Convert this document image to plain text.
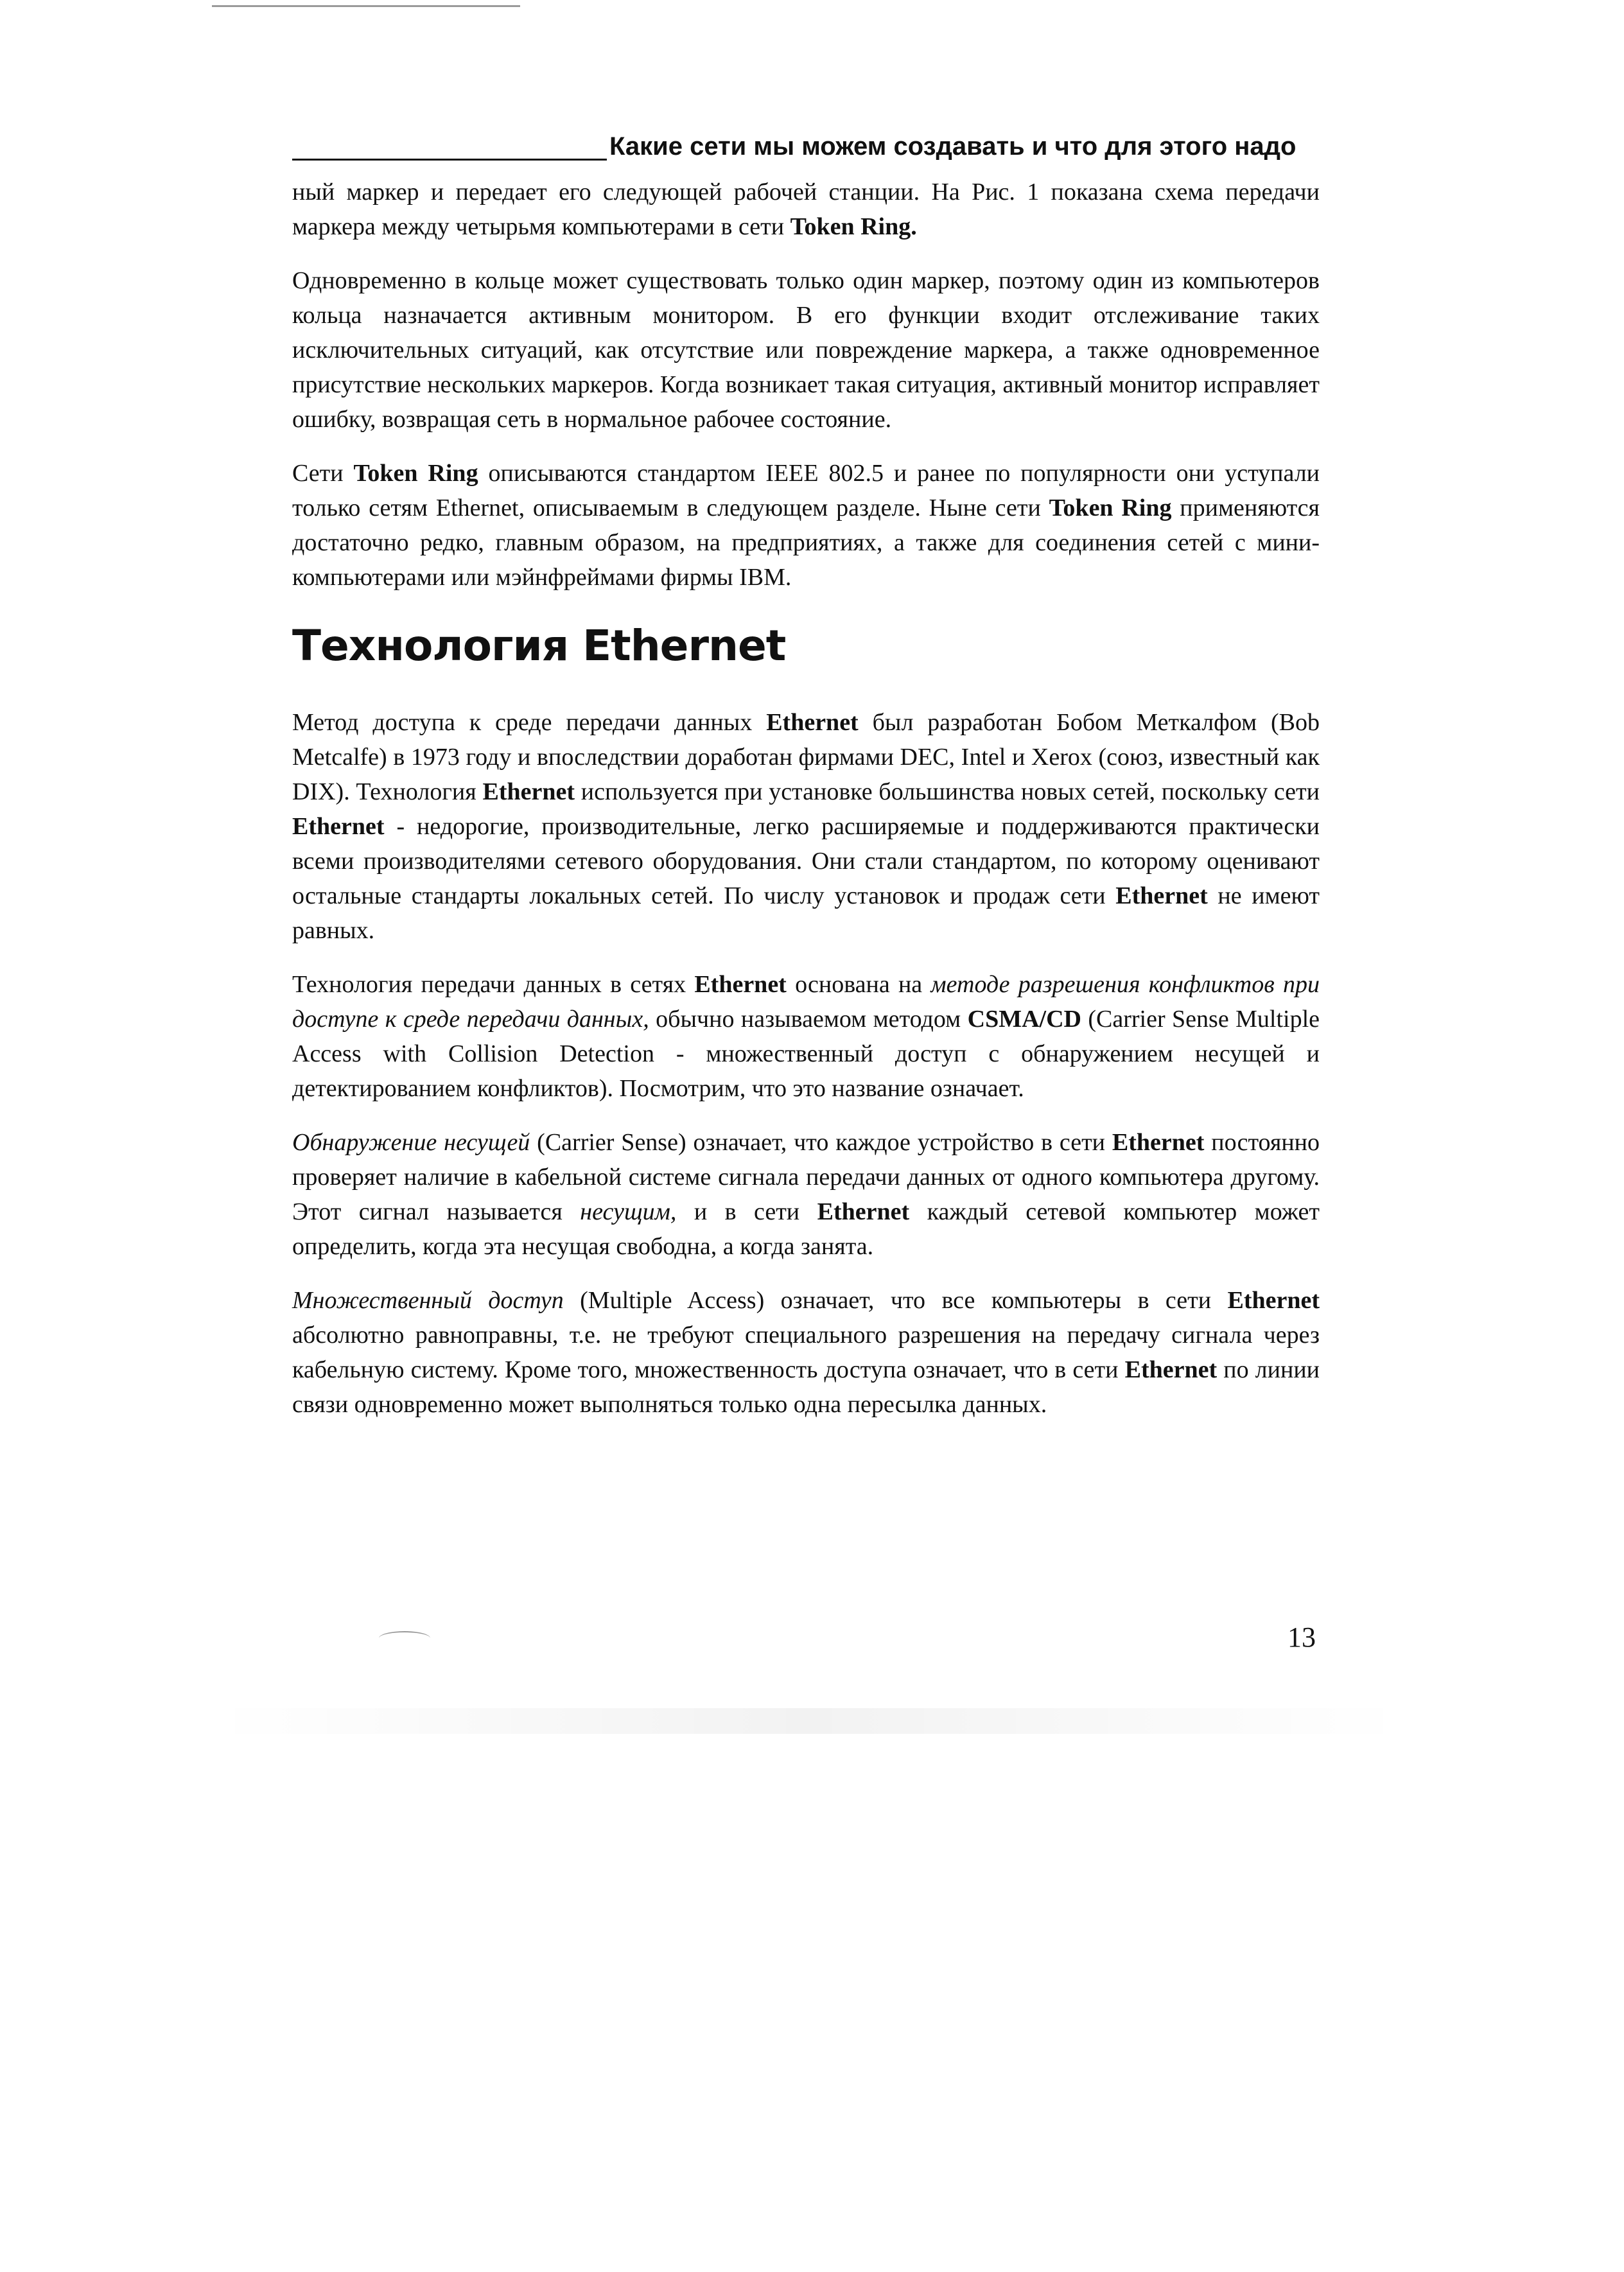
Какие сети мы можем создавать и что для этого надо

ный маркер и передает его следующей рабочей станции. На Рис. 1 показана схема передачи маркера между четырьмя компьютерами в сети Token Ring.

Одновременно в кольце может существовать только один маркер, поэтому один из компьютеров кольца назначается активным монитором. В его функции входит отслеживание таких исключительных ситуаций, как отсутствие или повреждение маркера, а также одновременное присутствие нескольких маркеров. Когда возникает такая ситуация, активный монитор исправляет ошибку, возвращая сеть в нормальное рабочее состояние.

Сети Token Ring описываются стандартом IEEE 802.5 и ранее по популярности они уступали только сетям Ethernet, описываемым в следующем разделе. Ныне сети Token Ring применяются достаточно редко, главным образом, на предприятиях, а также для соединения сетей с мини-компьютерами или мэйнфреймами фирмы IBM.

Технология Ethernet

Метод доступа к среде передачи данных Ethernet был разработан Бобом Меткалфом (Bob Metcalfe) в 1973 году и впоследствии доработан фирмами DEC, Intel и Xerox (союз, известный как DIX). Технология Ethernet используется при установке большинства новых сетей, поскольку сети Ethernet - недорогие, производительные, легко расширяемые и поддерживаются практически всеми производителями сетевого оборудования. Они стали стандартом, по которому оценивают остальные стандарты локальных сетей. По числу установок и продаж сети Ethernet не имеют равных.

Технология передачи данных в сетях Ethernet основана на методе разрешения конфликтов при доступе к среде передачи данных, обычно называемом методом CSMA/CD (Carrier Sense Multiple Access with Collision Detection - множественный доступ с обнаружением несущей и детектированием конфликтов). Посмотрим, что это название означает.

Обнаружение несущей (Carrier Sense) означает, что каждое устройство в сети Ethernet постоянно проверяет наличие в кабельной системе сигнала передачи данных от одного компьютера другому. Этот сигнал называется несущим, и в сети Ethernet каждый сетевой компьютер может определить, когда эта несущая свободна, а когда занята.

Множественный доступ (Multiple Access) означает, что все компьютеры в сети Ethernet абсолютно равноправны, т.е. не требуют специального разрешения на передачу сигнала через кабельную систему. Кроме того, множественность доступа означает, что в сети Ethernet по линии связи одновременно может выполняться только одна пересылка данных.

13
